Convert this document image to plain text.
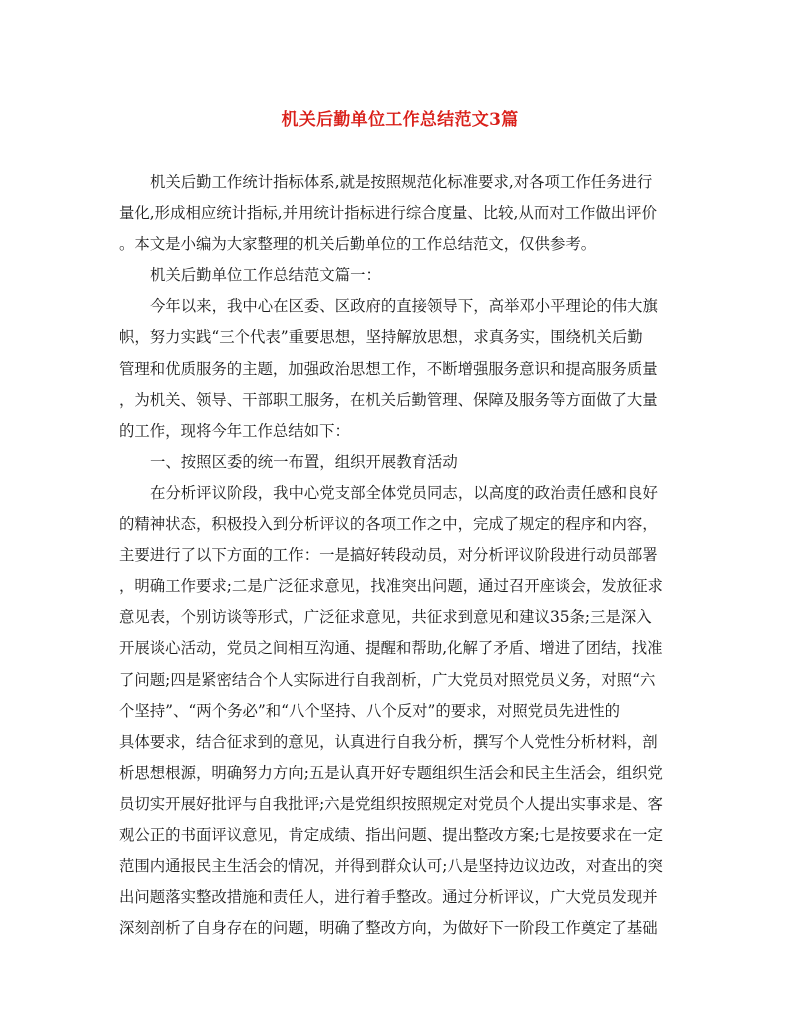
机关后勤单位工作总结范文3篇
机关后勤工作统计指标体系,就是按照规范化标准要求,对各项工作任务进行
量化,形成相应统计指标,并用统计指标进行综合度量、比较,从而对工作做出评价
。本文是小编为大家整理的机关后勤单位的工作总结范文，仅供参考。
机关后勤单位工作总结范文篇一：
今年以来，我中心在区委、区政府的直接领导下，高举邓小平理论的伟大旗
帜，努力实践“三个代表”重要思想，坚持解放思想，求真务实，围绕机关后勤
管理和优质服务的主题，加强政治思想工作，不断增强服务意识和提高服务质量
，为机关、领导、干部职工服务，在机关后勤管理、保障及服务等方面做了大量
的工作，现将今年工作总结如下：
一、按照区委的统一布置，组织开展教育活动
在分析评议阶段，我中心党支部全体党员同志，以高度的政治责任感和良好
的精神状态，积极投入到分析评议的各项工作之中，完成了规定的程序和内容，
主要进行了以下方面的工作：一是搞好转段动员，对分析评议阶段进行动员部署
，明确工作要求;二是广泛征求意见，找准突出问题，通过召开座谈会，发放征求
意见表，个别访谈等形式，广泛征求意见，共征求到意见和建议35条;三是深入
开展谈心活动，党员之间相互沟通、提醒和帮助,化解了矛盾、增进了团结，找准
了问题;四是紧密结合个人实际进行自我剖析，广大党员对照党员义务，对照“六
个坚持”、“两个务必”和“八个坚持、八个反对”的要求，对照党员先进性的
具体要求，结合征求到的意见，认真进行自我分析，撰写个人党性分析材料，剖
析思想根源，明确努力方向;五是认真开好专题组织生活会和民主生活会，组织党
员切实开展好批评与自我批评;六是党组织按照规定对党员个人提出实事求是、客
观公正的书面评议意见，肯定成绩、指出问题、提出整改方案;七是按要求在一定
范围内通报民主生活会的情况，并得到群众认可;八是坚持边议边改，对查出的突
出问题落实整改措施和责任人，进行着手整改。通过分析评议，广大党员发现并
深刻剖析了自身存在的问题，明确了整改方向，为做好下一阶段工作奠定了基础
